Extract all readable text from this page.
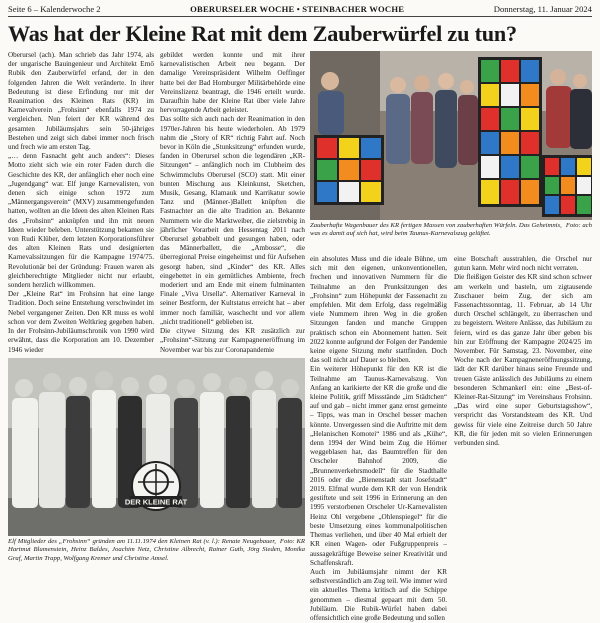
Seite 6 – Kalenderwoche 2	OBERURSELER WOCHE • STEINBACHER WOCHE	Donnerstag, 11. Januar 2024
Was hat der Kleine Rat mit dem Zauberwürfel zu tun?

Oberursel (ach). Man schrieb das Jahr 1974, als der ungarische Bauingenieur und Architekt Ernő Rubik den Zauberwürfel erfand, der in den folgenden Jahren die Welt veränderte. In ihrer Bedeutung ist diese Erfindung nur mit der Reanimation des Kleinen Rats (KR) im Karnevalverein „Frohsinn“ ebenfalls 1974 zu vergleichen. Nun feiert der KR während des gesamten Jubiläumsjahrs sein 50-jähriges Bestehen und zeigt sich dabei immer noch frisch und frech wie am ersten Tag.

„… denn Fasnacht geht auch anders“: Dieses Motto zieht sich wie ein roter Faden durch die Geschichte des KR, der anfänglich eher noch eine „Jugendgang“ war. Elf junge Karnevalisten, von denen sich einige schon 1972 zum „Männergangsverein“ (MXV) zusammengefunden hatten, wollten an die Ideen des alten Kleinen Rats des „Frohsinn“ anknüpfen und ihn mit neuen Ideen wieder beleben. Unterstützung bekamen sie von Rudi Klüber, dem letzten Korporationsführer des alten Kleinen Rats und designierten Karnevalssitzungen für die Kampagne 1974/75. Revolutionär bei der Gründung: Frauen waren als gleichberechtigte Mitglieder nicht nur erlaubt, sondern herzlich willkommen.

Der „Kleine Rat“ im Frohsinn hat eine lange Tradition. Doch seine Entstehung verschwindet im Nebel vergangener Zeiten. Den KR muss es wohl schon vor dem Zweiten Weltkrieg gegeben haben. In der Frohsinn-Jubiläumschronik von 1990 wird erwähnt, dass die Korporation am 10. Dezember 1946 wieder

gebildet werden konnte und mit ihrer karnevalistischen Arbeit neu begann. Der damalige Vereinspräsident Wilhelm Oeffinger hatte bei der Bad Homburger Militärbehörde eine Vereinslizenz beantragt, die 1946 erteilt wurde. Daraufhin habe der Kleine Rat über viele Jahre hervorragende Arbeit geleistet.

Das sollte sich auch nach der Reanimation in den 1970er-Jahren bis heute wiederholen. Ab 1979 nahm die „Story of KR“ richtig Fahrt auf. Noch bevor in Köln die „Stunksitzung“ erfunden wurde, fanden in Oberursel schon die legendären „KR-Sitzungen“ – anfänglich noch im Clubheim des Schwimmclubs Oberursel (SCO) statt. Mit einer bunten Mischung aus Kleinkunst, Sketchen, Musik, Gesang, Klamauk und Karrikatur sowie Tanz und (Männer-)Ballett knüpften die Fastnachter an die alte Tradition an. Bekannte Nummern wie die Marktweiber, die zielstrebig in jährlicher Vorarbeit den Hessentag 2011 nach Oberursel gebabbelt und gesungen haben, oder das Männerballett, die „Ambosse“, die überregional Preise eingeheimst und für Aufsehen gesorgt haben, sind „Kinder“ des KR. Alles eingebettet in ein gemütliches Ambiente, frech moderiert und am Ende mit einem fulminanten Finale „Viva Ursella“. Alternativer Karneval in seiner Bestform, der Kultstatus erreicht hat – aber immer noch familiär, waschecht und vor allem „nicht traditionell“ geblieben ist.

Die citywe Sitzung des KR zusätzlich zur „Frohsinn“-Sitzung zur Kampagneneröffnung im November war bis zur Coronapandemie

Foto: ach
Zauberhafte Wagenbauer des KR fertigen Massen von zauberhaften Würfeln. Das Geheimnis, was es damit auf sich hat, wird beim Taunus-Karnevalszug gelüftet.

ein absolutes Muss und die ideale Bühne, um sich mit den eigenen, unkonventionellen, frechen und innovativen Nummern für die Teilnahme an den Prunksitzungen des „Frohsinn“ zum Höhepunkt der Fassenacht zu empfehlen. Mit dem Erfolg, dass regelmäßig viele Nummern ihren Weg in die großen Sitzungen fanden und manche Gruppen praktisch schon ein Abonnement hatten. Seit 2022 konnte aufgrund der Folgen der Pandemie keine eigene Sitzung mehr stattfinden. Doch das soll nicht auf Dauer so bleiben.

Ein weiterer Höhepunkt für den KR ist die Teilnahme am Taunus-Karnevalszug. Von Anfang an karikierte der KR die große und die kleine Politik, griff Missstände „im Städtchen“ auf und gab – nicht immer ganz ernst gemeinte – Tipps, was man in Orschel besser machen könnte. Unvergessen sind die Auftritte mit dem „Helanischen Komotei“ 1986 und als „Kühe“, denn 1994 der Wind beim Zug die Hörner weggeblasen hat, das Baumtreffen für den Orscheler Bahnhof 2009, die „Brunnenverkehrsmodell“ für die Stadthalle 2016 oder die „Bienenstadt statt Josefstadt“ 2019. Elfmal wurde dem KR der von Hendrik gestiftete und seit 1996 in Erinnerung an den 1995 verstorbenen Orscheler Ur-Karnevalisten Heinz Ohl vergebene „Ohlenspiegel“ für die beste Umsetzung eines kommunalpolitischen Themas verliehen, und über 40 Mal erhielt der KR einen Wagen- oder Fußgruppenpreis – aussagekräftige Beweise seiner Kreativität und Schaffenskraft.

Auch im Jubiläumsjahr nimmt der KR selbstverständlich am Zug teil. Wie immer wird ein aktuelles Thema kritisch auf die Schippe genommen – diesmal gepaart mit dem 50. Jubiläum. Die Rubik-Würfel haben dabei offensichtlich eine große Bedeutung und sollen

eine Botschaft ausstrahlen, die Orschel nur gutun kann. Mehr wird noch nicht verraten.

Die fleißigen Geister des KR sind schon schwer am werkeln und basteln, um zigtausende Zuschauer beim Zug, der sich am Fassenachtssonntag, 11. Februar, ab 14 Uhr durch Orschel schlängelt, zu überraschen und zu begeistern. Weitere Anlässe, das Jubiläum zu feiern, wird es das ganze Jahr über geben bis hin zur Eröffnung der Kampagne 2024/25 im November. Für Samstag, 23. November, eine Woche nach der Kampagneneröffnungssitzung, lädt der KR darüber hinaus seine Freunde und treuen Gäste anlässlich des Jubiläums zu einem besonderen Schmankerl ein: eine „Best-of-Kleiner-Rat-Sitzung“ im Vereinshaus Frohsinn. „Das wird eine super Geburtstagsshow“, verspricht das Vorstandsteam des KR. Und gewiss für viele eine Zeitreise durch 50 Jahre KR, die für jeden mit so vielen Erinnerungen verbunden sind.

DER KLEINE RAT
Foto: KR
Elf Mitglieder des „Frohsinn“ gründen am 11.11.1974 den Kleinen Rat (v. l.): Renate Neugebauer, Hartmut Blumenstein, Heinz Baldes, Joachim Netz, Christine Albrecht, Rainer Guth, Jörg Sieden, Monika Graf, Martin Trapp, Wolfgang Kremer und Christine Amsel.
